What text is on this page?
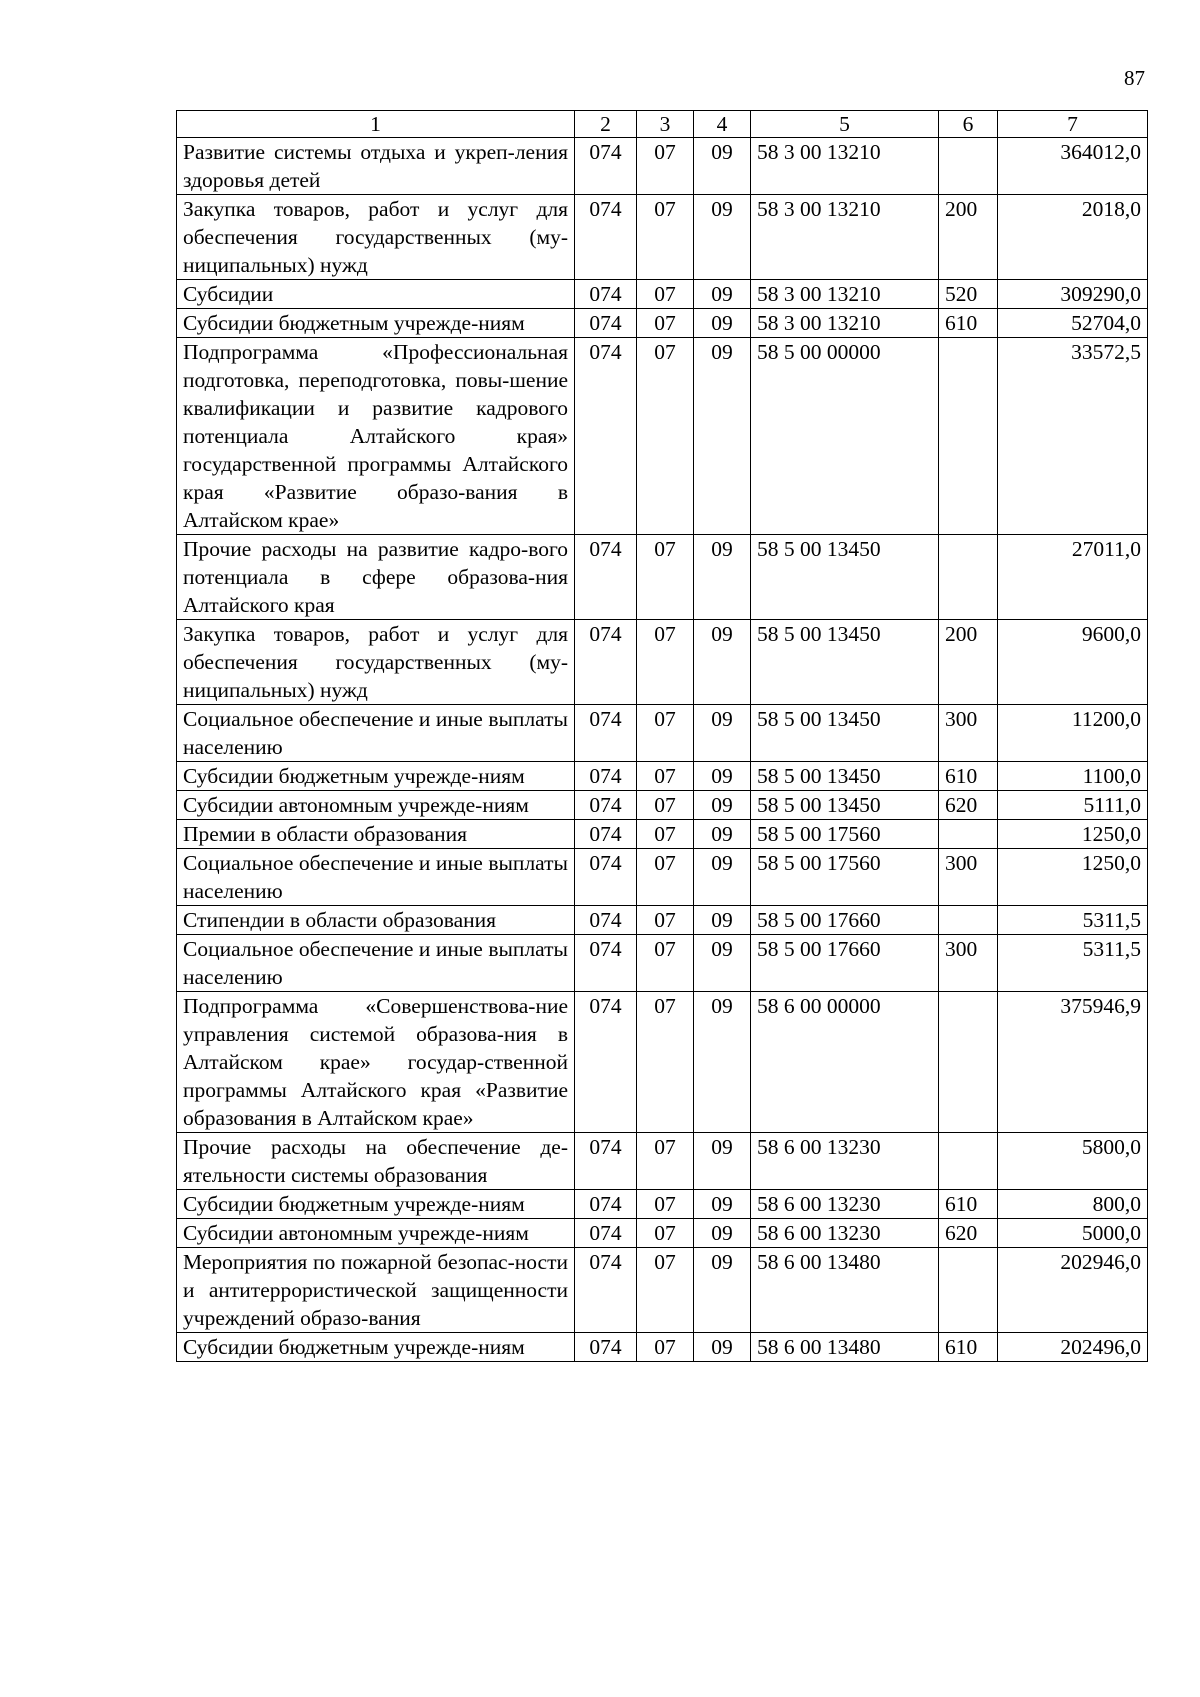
87
1	2	3	4	5	6	7
Развитие системы отдыха и укреп-ления здоровья детей	074	07	09	58 3 00 13210		364012,0
Закупка товаров, работ и услуг для обеспечения государственных (му-ниципальных) нужд	074	07	09	58 3 00 13210	200	2018,0
Субсидии	074	07	09	58 3 00 13210	520	309290,0
Субсидии бюджетным учрежде-ниям	074	07	09	58 3 00 13210	610	52704,0
Подпрограмма «Профессиональная подготовка, переподготовка, повы-шение квалификации и развитие кадрового потенциала Алтайского края» государственной программы Алтайского края «Развитие образо-вания в Алтайском крае»	074	07	09	58 5 00 00000		33572,5
Прочие расходы на развитие кадро-вого потенциала в сфере образова-ния Алтайского края	074	07	09	58 5 00 13450		27011,0
Закупка товаров, работ и услуг для обеспечения государственных (му-ниципальных) нужд	074	07	09	58 5 00 13450	200	9600,0
Социальное обеспечение и иные выплаты населению	074	07	09	58 5 00 13450	300	11200,0
Субсидии бюджетным учрежде-ниям	074	07	09	58 5 00 13450	610	1100,0
Субсидии автономным учрежде-ниям	074	07	09	58 5 00 13450	620	5111,0
Премии в области образования	074	07	09	58 5 00 17560		1250,0
Социальное обеспечение и иные выплаты населению	074	07	09	58 5 00 17560	300	1250,0
Стипендии в области образования	074	07	09	58 5 00 17660		5311,5
Социальное обеспечение и иные выплаты населению	074	07	09	58 5 00 17660	300	5311,5
Подпрограмма «Совершенствова-ние управления системой образова-ния в Алтайском крае» государ-ственной программы Алтайского края «Развитие образования в Алтайском крае»	074	07	09	58 6 00 00000		375946,9
Прочие расходы на обеспечение де-ятельности системы образования	074	07	09	58 6 00 13230		5800,0
Субсидии бюджетным учрежде-ниям	074	07	09	58 6 00 13230	610	800,0
Субсидии автономным учрежде-ниям	074	07	09	58 6 00 13230	620	5000,0
Мероприятия по пожарной безопас-ности и антитеррористической защищенности учреждений образо-вания	074	07	09	58 6 00 13480		202946,0
Субсидии бюджетным учрежде-ниям	074	07	09	58 6 00 13480	610	202496,0
